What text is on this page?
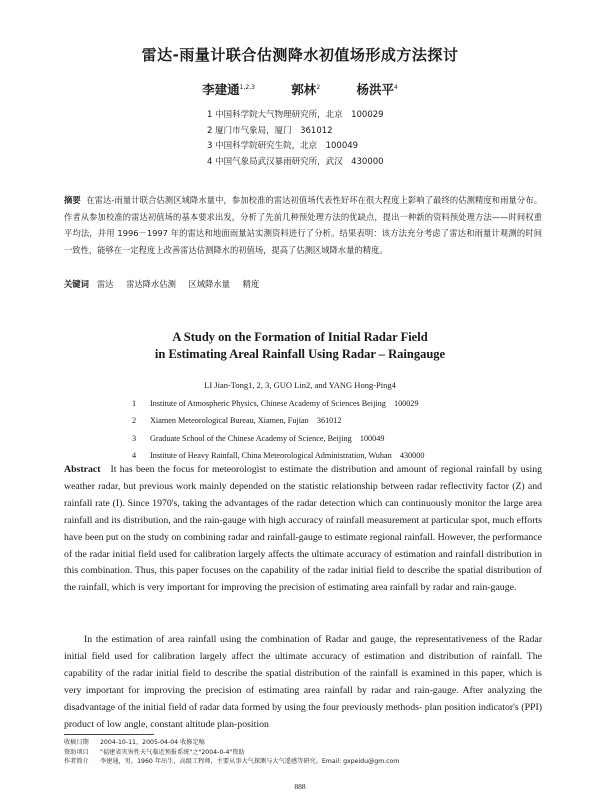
雷达-雨量计联合估测降水初值场形成方法探讨
李建通$^{1,2,3}$	郭林$^2$	杨洪平$^4$
1 中国科学院大气物理研究所，北京　100029
2 厦门市气象局，厦门　361012
3 中国科学院研究生院，北京　100049
4 中国气象局武汉暴雨研究所，武汉　430000
摘要 在雷达-雨量计联合估测区域降水量中，参加校准的雷达初值场代表性好坏在很大程度上影响了最终的估测精度和雨量分布。作者从参加校准的雷达初值场的基本要求出发，分析了先前几种预处理方法的优缺点，提出一种新的资料预处理方法——时间权重平均法，并用 1996－1997 年的雷达和地面雨量站实测资料进行了分析。结果表明：该方法充分考虑了雷达和雨量计观测的时间一致性，能够在一定程度上改善雷达估测降水的初值场，提高了估测区域降水量的精度。
关键词 雷达 雷达降水估测 区域降水量 精度
A Study on the Formation of Initial Radar Field
in Estimating Areal Rainfall Using Radar – Raingauge
LI Jian-Tong1, 2, 3, GUO Lin2, and YANG Hong-Ping4
1 Institute of Atmospheric Physics, Chinese Academy of Sciences Beijing　100029
2 Xiamen Meteorological Bureau, Xiamen, Fujian　361012
3 Graduate School of the Chinese Academy of Science, Beijing　100049
4 Institute of Heavy Rainfall, China Meteorological Administration, Wuhan　430000
Abstract It has been the focus for meteorologist to estimate the distribution and amount of regional rainfall by using weather radar, but previous work mainly depended on the statistic relationship between radar reflectivity factor (Z) and rainfall rate (I). Since 1970's, taking the advantages of the radar detection which can continuously monitor the large area rainfall and its distribution, and the rain-gauge with high accuracy of rainfall measurement at particular spot, much efforts have been put on the study on combining radar and rainfall-gauge to estimate regional rainfall. However, the performance of the radar initial field used for calibration largely affects the ultimate accuracy of estimation and rainfall distribution in this combination. Thus, this paper focuses on the capability of the radar initial field to describe the spatial distribution of the rainfall, which is very important for improving the precision of estimating area rainfall by radar and rain-gauge.
In the estimation of area rainfall using the combination of Radar and gauge, the representativeness of the Radar initial field used for calibration largely affect the ultimate accuracy of estimation and distribution of rainfall. The capability of the radar initial field to describe the spatial distribution of the rainfall is examined in this paper, which is very important for improving the precision of estimating area rainfall by radar and rain-gauge. After analyzing the disadvantage of the initial field of radar data formed by using the four previously methods- plan position indicator's (PPI) product of low angle, constant altitude plan-position
收稿日期 2004-10-11，2005-04-04 收修定稿
资助项目 "福建省灾害性天气临近预报系统"之"2004-0-4"资助
作者简介 李建通，男，1960 年出生，高级工程师，主要从事大气探测与大气遥感等研究。Email: gxpeidu@gm.com
888
